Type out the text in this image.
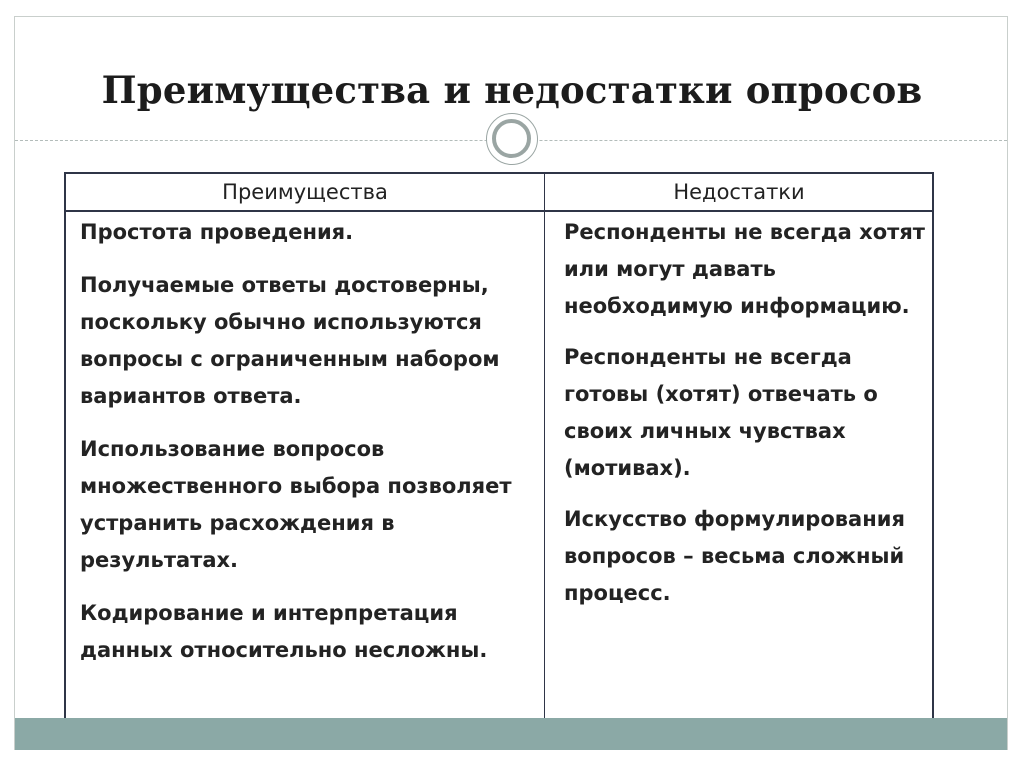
Преимущества и недостатки опросов
Преимущества	Недостатки
Простота проведения.
Получаемые ответы достоверны, поскольку обычно используются вопросы с ограниченным набором вариантов ответа.
Использование вопросов множественного выбора позволяет устранить расхождения в результатах.
Кодирование и интерпретация данных относительно несложны.
Респонденты не всегда хотят или могут давать необходимую информацию.
Респонденты не всегда готовы (хотят) отвечать о своих личных чувствах (мотивах).
Искусство формулирования вопросов – весьма сложный процесс.
